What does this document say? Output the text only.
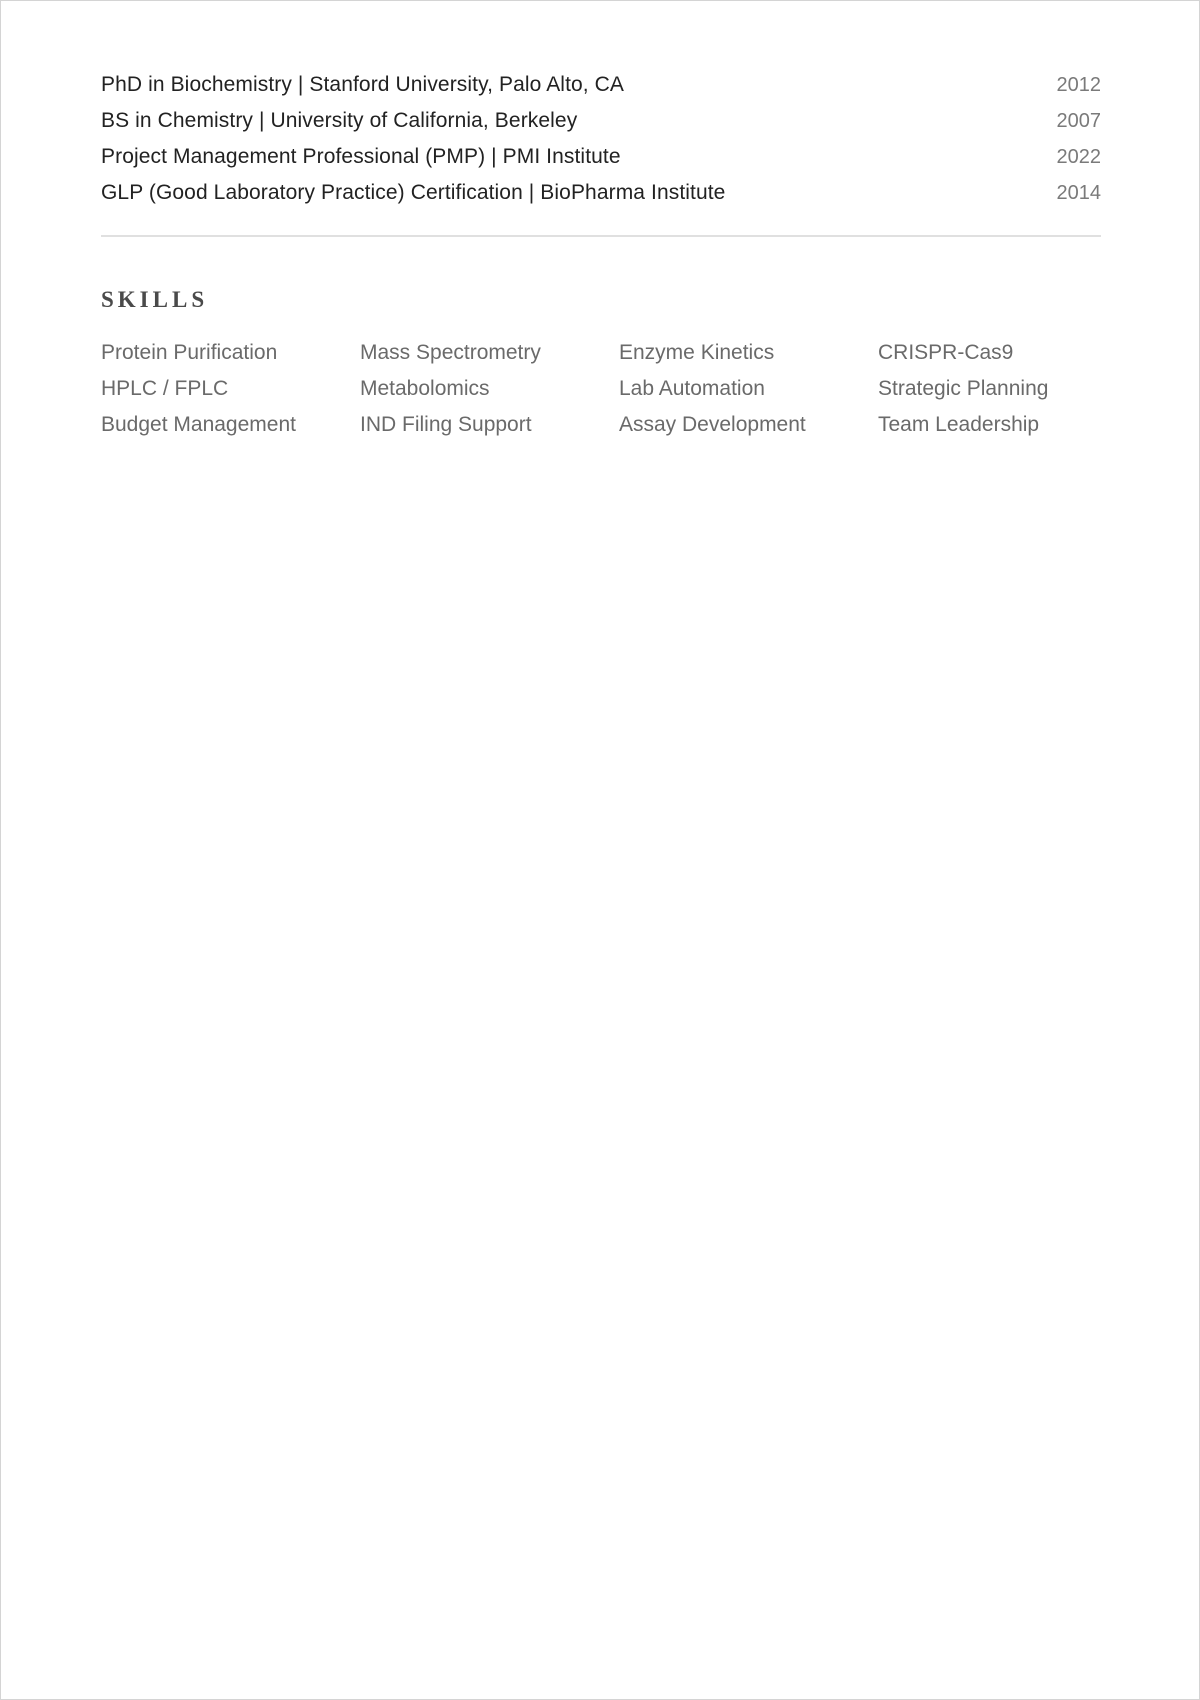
PhD in Biochemistry | Stanford University, Palo Alto, CA	2012
BS in Chemistry | University of California, Berkeley	2007
Project Management Professional (PMP) | PMI Institute	2022
GLP (Good Laboratory Practice) Certification | BioPharma Institute	2014
SKILLS
Protein Purification	Mass Spectrometry	Enzyme Kinetics	CRISPR-Cas9
HPLC / FPLC	Metabolomics	Lab Automation	Strategic Planning
Budget Management	IND Filing Support	Assay Development	Team Leadership
